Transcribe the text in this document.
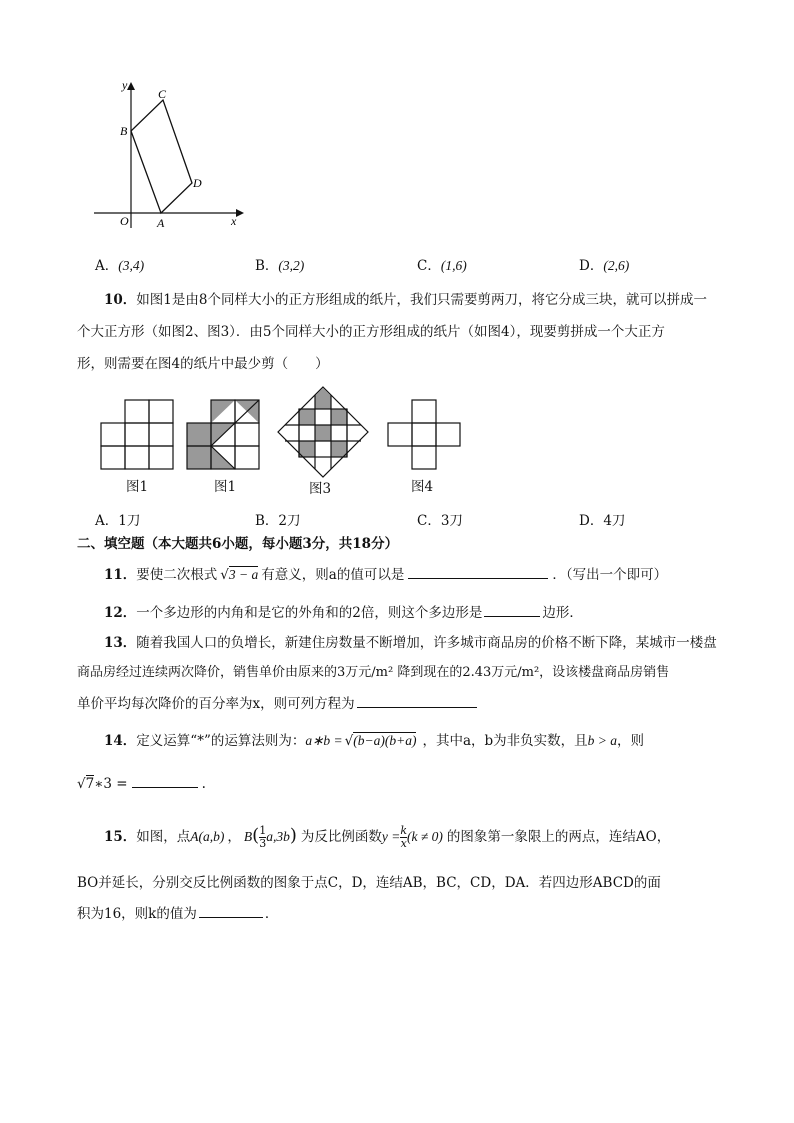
y
x
O A
B
C
D
A．(3,4)	B．(3,2)	C．(1,6)	D．(2,6)
10．如图1是由8个同样大小的正方形组成的纸片，我们只需要剪两刀，将它分成三块，就可以拼成一
个大正方形（如图2、图3）．由5个同样大小的正方形组成的纸片（如图4），现要剪拼成一个大正方
形，则需要在图4的纸片中最少剪（　　）
图1	图1	图3	图4
A．1刀	B．2刀	C．3刀	D．4刀
二、填空题（本大题共6小题，每小题3分，共18分）
11．要使二次根式 √3 − a 有意义，则a的值可以是	．（写出一个即可）
12．一个多边形的内角和是它的外角和的2倍，则这个多边形是	边形．
13．随着我国人口的负增长，新建住房数量不断增加，许多城市商品房的价格不断下降，某城市一楼盘
商品房经过连续两次降价，销售单价由原来的3万元/m² 降到现在的2.43万元/m²，设该楼盘商品房销售
单价平均每次降价的百分率为x，则可列方程为
14．定义运算“*”的运算法则为：a∗b = √(b−a)(b+a) ，其中a，b为非负实数，且b > a，则
√7∗3 =	.
15．如图，点A(a,b) ， $B( \frac{1}{3} a,3b)$ 为反比例函数$y = \frac{k}{x} (k \ne 0)$ 的图象第一象限上的两点，连结AO，
BO并延长，分别交反比例函数的图象于点C，D，连结AB，BC，CD，DA．若四边形ABCD的面
积为16，则k的值为	．
